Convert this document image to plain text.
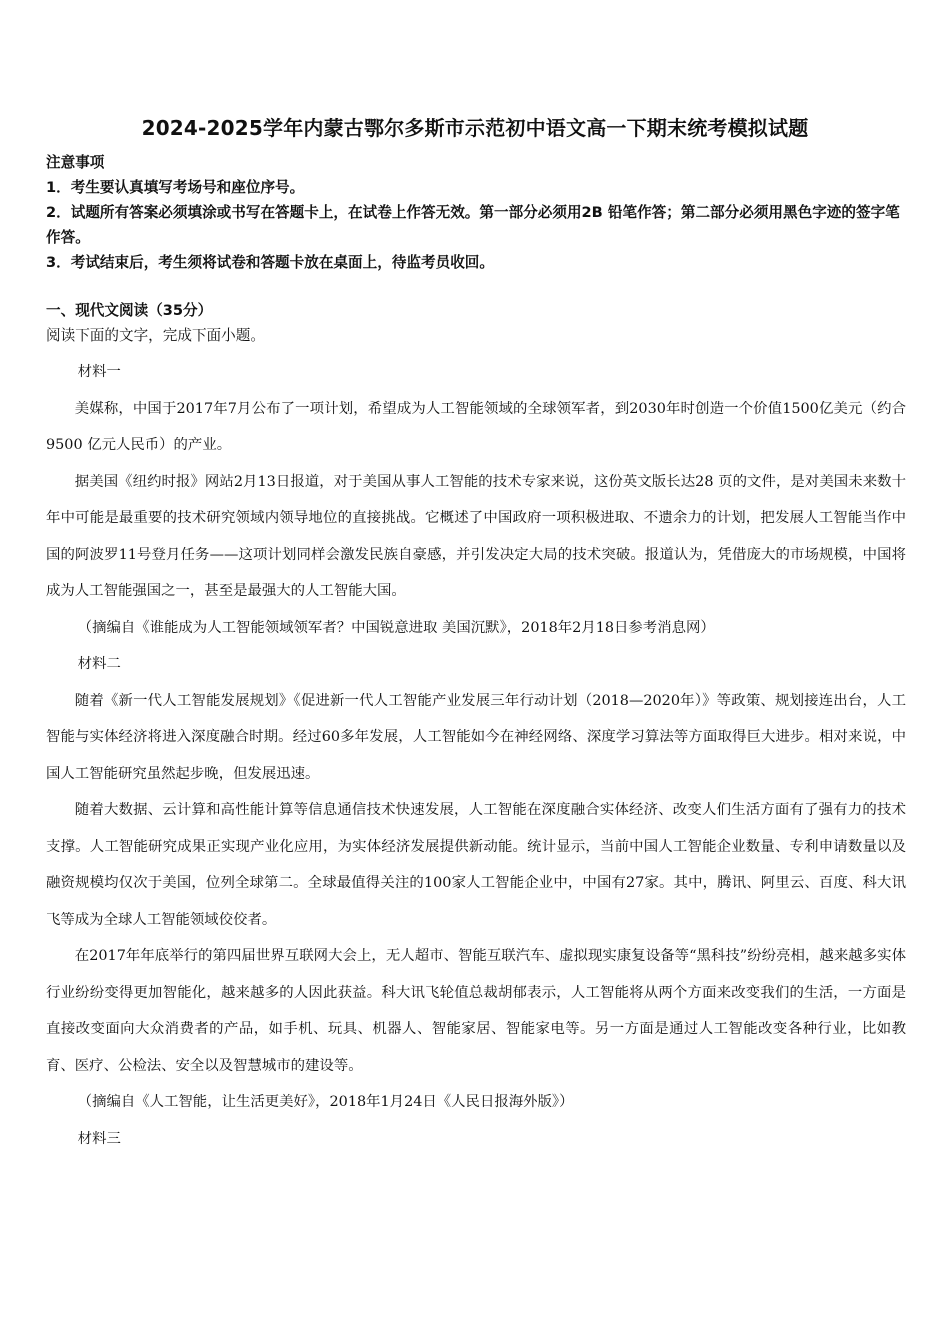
2024-2025学年内蒙古鄂尔多斯市示范初中语文高一下期末统考模拟试题

注意事项

1．考生要认真填写考场号和座位序号。

2．试题所有答案必须填涂或书写在答题卡上，在试卷上作答无效。第一部分必须用2B 铅笔作答；第二部分必须用黑色字迹的签字笔作答。

3．考试结束后，考生须将试卷和答题卡放在桌面上，待监考员收回。

一、现代文阅读（35分）

阅读下面的文字，完成下面小题。

材料一

美媒称，中国于2017年7月公布了一项计划，希望成为人工智能领域的全球领军者，到2030年时创造一个价值1500亿美元（约合9500 亿元人民币）的产业。

据美国《纽约时报》网站2月13日报道，对于美国从事人工智能的技术专家来说，这份英文版长达28 页的文件，是对美国未来数十年中可能是最重要的技术研究领域内领导地位的直接挑战。它概述了中国政府一项积极进取、不遗余力的计划，把发展人工智能当作中国的阿波罗11号登月任务——这项计划同样会激发民族自豪感，并引发决定大局的技术突破。报道认为，凭借庞大的市场规模，中国将成为人工智能强国之一，甚至是最强大的人工智能大国。

（摘编自《谁能成为人工智能领域领军者？中国锐意进取 美国沉默》，2018年2月18日参考消息网）

材料二

随着《新一代人工智能发展规划》《促进新一代人工智能产业发展三年行动计划（2018—2020年）》等政策、规划接连出台，人工智能与实体经济将进入深度融合时期。经过60多年发展，人工智能如今在神经网络、深度学习算法等方面取得巨大进步。相对来说，中国人工智能研究虽然起步晚，但发展迅速。

随着大数据、云计算和高性能计算等信息通信技术快速发展，人工智能在深度融合实体经济、改变人们生活方面有了强有力的技术支撑。人工智能研究成果正实现产业化应用，为实体经济发展提供新动能。统计显示，当前中国人工智能企业数量、专利申请数量以及融资规模均仅次于美国，位列全球第二。全球最值得关注的100家人工智能企业中，中国有27家。其中，腾讯、阿里云、百度、科大讯飞等成为全球人工智能领域佼佼者。

在2017年年底举行的第四届世界互联网大会上，无人超市、智能互联汽车、虚拟现实康复设备等“黑科技”纷纷亮相，越来越多实体行业纷纷变得更加智能化，越来越多的人因此获益。科大讯飞轮值总裁胡郁表示，人工智能将从两个方面来改变我们的生活，一方面是直接改变面向大众消费者的产品，如手机、玩具、机器人、智能家居、智能家电等。另一方面是通过人工智能改变各种行业，比如教育、医疗、公检法、安全以及智慧城市的建设等。

（摘编自《人工智能，让生活更美好》，2018年1月24日《人民日报海外版》）

材料三
